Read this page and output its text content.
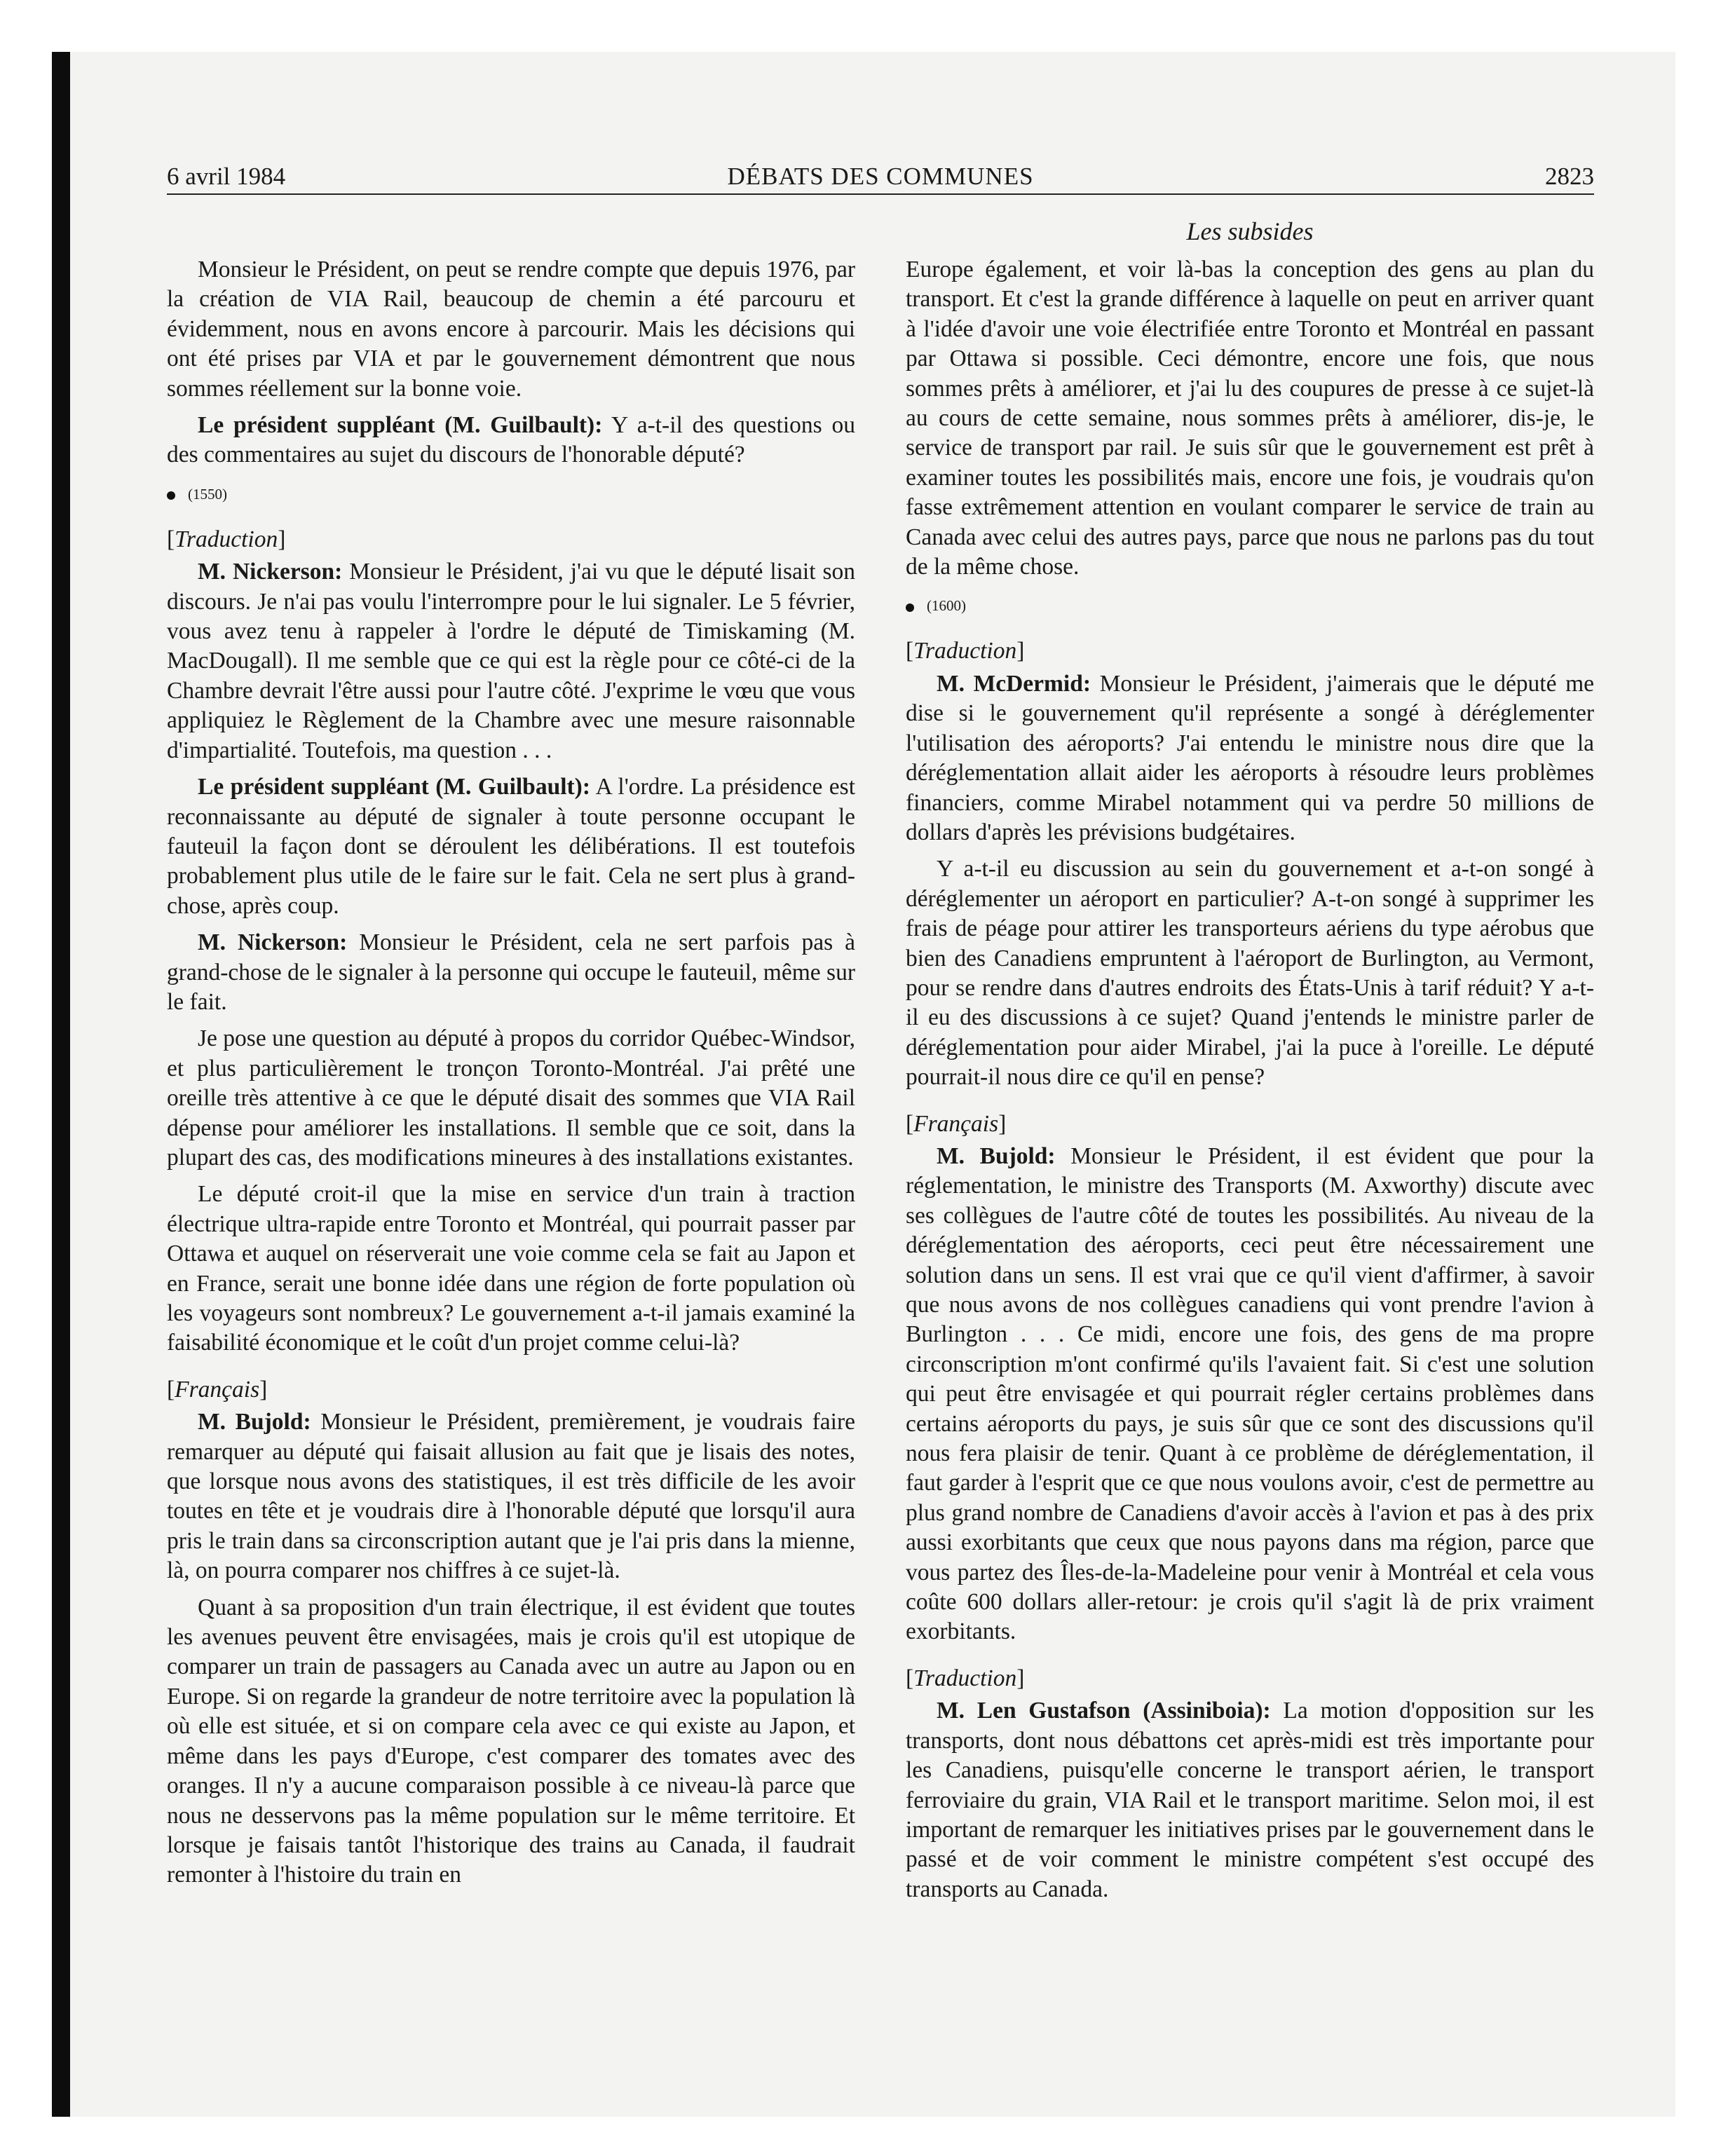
6 avril 1984	DÉBATS DES COMMUNES	2823
Les subsides

Monsieur le Président, on peut se rendre compte que depuis 1976, par la création de VIA Rail, beaucoup de chemin a été parcouru et évidemment, nous en avons encore à parcourir. Mais les décisions qui ont été prises par VIA et par le gouvernement démontrent que nous sommes réellement sur la bonne voie.

Le président suppléant (M. Guilbault): Y a-t-il des questions ou des commentaires au sujet du discours de l'honorable député?

(1550)

[Traduction]

M. Nickerson: Monsieur le Président, j'ai vu que le député lisait son discours. Je n'ai pas voulu l'interrompre pour le lui signaler. Le 5 février, vous avez tenu à rappeler à l'ordre le député de Timiskaming (M. MacDougall). Il me semble que ce qui est la règle pour ce côté-ci de la Chambre devrait l'être aussi pour l'autre côté. J'exprime le vœu que vous appliquiez le Règlement de la Chambre avec une mesure raisonnable d'impartialité. Toutefois, ma question . . .

Le président suppléant (M. Guilbault): A l'ordre. La présidence est reconnaissante au député de signaler à toute personne occupant le fauteuil la façon dont se déroulent les délibérations. Il est toutefois probablement plus utile de le faire sur le fait. Cela ne sert plus à grand-chose, après coup.

M. Nickerson: Monsieur le Président, cela ne sert parfois pas à grand-chose de le signaler à la personne qui occupe le fauteuil, même sur le fait.

Je pose une question au député à propos du corridor Québec-Windsor, et plus particulièrement le tronçon Toronto-Montréal. J'ai prêté une oreille très attentive à ce que le député disait des sommes que VIA Rail dépense pour améliorer les installations. Il semble que ce soit, dans la plupart des cas, des modifications mineures à des installations existantes.

Le député croit-il que la mise en service d'un train à traction électrique ultra-rapide entre Toronto et Montréal, qui pourrait passer par Ottawa et auquel on réserverait une voie comme cela se fait au Japon et en France, serait une bonne idée dans une région de forte population où les voyageurs sont nombreux? Le gouvernement a-t-il jamais examiné la faisabilité économique et le coût d'un projet comme celui-là?

[Français]

M. Bujold: Monsieur le Président, premièrement, je voudrais faire remarquer au député qui faisait allusion au fait que je lisais des notes, que lorsque nous avons des statistiques, il est très difficile de les avoir toutes en tête et je voudrais dire à l'honorable député que lorsqu'il aura pris le train dans sa circonscription autant que je l'ai pris dans la mienne, là, on pourra comparer nos chiffres à ce sujet-là.

Quant à sa proposition d'un train électrique, il est évident que toutes les avenues peuvent être envisagées, mais je crois qu'il est utopique de comparer un train de passagers au Canada avec un autre au Japon ou en Europe. Si on regarde la grandeur de notre territoire avec la population là où elle est située, et si on compare cela avec ce qui existe au Japon, et même dans les pays d'Europe, c'est comparer des tomates avec des oranges. Il n'y a aucune comparaison possible à ce niveau-là parce que nous ne desservons pas la même population sur le même territoire. Et lorsque je faisais tantôt l'historique des trains au Canada, il faudrait remonter à l'histoire du train en

Europe également, et voir là-bas la conception des gens au plan du transport. Et c'est la grande différence à laquelle on peut en arriver quant à l'idée d'avoir une voie électrifiée entre Toronto et Montréal en passant par Ottawa si possible. Ceci démontre, encore une fois, que nous sommes prêts à améliorer, et j'ai lu des coupures de presse à ce sujet-là au cours de cette semaine, nous sommes prêts à améliorer, dis-je, le service de transport par rail. Je suis sûr que le gouvernement est prêt à examiner toutes les possibilités mais, encore une fois, je voudrais qu'on fasse extrêmement attention en voulant comparer le service de train au Canada avec celui des autres pays, parce que nous ne parlons pas du tout de la même chose.

(1600)

[Traduction]

M. McDermid: Monsieur le Président, j'aimerais que le député me dise si le gouvernement qu'il représente a songé à déréglementer l'utilisation des aéroports? J'ai entendu le ministre nous dire que la déréglementation allait aider les aéroports à résoudre leurs problèmes financiers, comme Mirabel notamment qui va perdre 50 millions de dollars d'après les prévisions budgétaires.

Y a-t-il eu discussion au sein du gouvernement et a-t-on songé à déréglementer un aéroport en particulier? A-t-on songé à supprimer les frais de péage pour attirer les transporteurs aériens du type aérobus que bien des Canadiens empruntent à l'aéroport de Burlington, au Vermont, pour se rendre dans d'autres endroits des États-Unis à tarif réduit? Y a-t-il eu des discussions à ce sujet? Quand j'entends le ministre parler de déréglementation pour aider Mirabel, j'ai la puce à l'oreille. Le député pourrait-il nous dire ce qu'il en pense?

[Français]

M. Bujold: Monsieur le Président, il est évident que pour la réglementation, le ministre des Transports (M. Axworthy) discute avec ses collègues de l'autre côté de toutes les possibilités. Au niveau de la déréglementation des aéroports, ceci peut être nécessairement une solution dans un sens. Il est vrai que ce qu'il vient d'affirmer, à savoir que nous avons de nos collègues canadiens qui vont prendre l'avion à Burlington . . . Ce midi, encore une fois, des gens de ma propre circonscription m'ont confirmé qu'ils l'avaient fait. Si c'est une solution qui peut être envisagée et qui pourrait régler certains problèmes dans certains aéroports du pays, je suis sûr que ce sont des discussions qu'il nous fera plaisir de tenir. Quant à ce problème de déréglementation, il faut garder à l'esprit que ce que nous voulons avoir, c'est de permettre au plus grand nombre de Canadiens d'avoir accès à l'avion et pas à des prix aussi exorbitants que ceux que nous payons dans ma région, parce que vous partez des Îles-de-la-Madeleine pour venir à Montréal et cela vous coûte 600 dollars aller-retour: je crois qu'il s'agit là de prix vraiment exorbitants.

[Traduction]

M. Len Gustafson (Assiniboia): La motion d'opposition sur les transports, dont nous débattons cet après-midi est très importante pour les Canadiens, puisqu'elle concerne le transport aérien, le transport ferroviaire du grain, VIA Rail et le transport maritime. Selon moi, il est important de remarquer les initiatives prises par le gouvernement dans le passé et de voir comment le ministre compétent s'est occupé des transports au Canada.
